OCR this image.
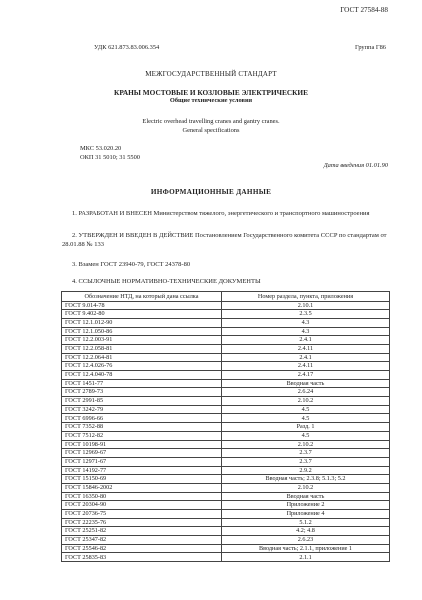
ГОСТ 27584-88
УДК 621.873.83.006.354	Группа Г86
МЕЖГОСУДАРСТВЕННЫЙ СТАНДАРТ
КРАНЫ МОСТОВЫЕ И КОЗЛОВЫЕ ЭЛЕКТРИЧЕСКИЕ
Общие технические условия
Electric overhead travelling cranes and gantry cranes.
General specifications
МКС 53.020.20
ОКП 31 5010; 31 5500
Дата введения 01.01.90
ИНФОРМАЦИОННЫЕ ДАННЫЕ
1. РАЗРАБОТАН И ВНЕСЕН Министерством тяжелого, энергетического и транспортного машиностроения
2. УТВЕРЖДЕН И ВВЕДЕН В ДЕЙСТВИЕ Постановлением Государственного комитета СССР по стандартам от 28.01.88 № 133
3. Взамен ГОСТ 23940-79, ГОСТ 24378-80
4. ССЫЛОЧНЫЕ НОРМАТИВНО-ТЕХНИЧЕСКИЕ ДОКУМЕНТЫ
Обозначение НТД, на который дана ссылка	Номер раздела, пункта, приложения
ГОСТ 9.014-78	2.10.1
ГОСТ 9.402-80	2.3.5
ГОСТ 12.1.012-90	4.3
ГОСТ 12.1.050-86	4.3
ГОСТ 12.2.003-91	2.4.1
ГОСТ 12.2.058-81	2.4.11
ГОСТ 12.2.064-81	2.4.1
ГОСТ 12.4.026-76	2.4.11
ГОСТ 12.4.040-78	2.4.17
ГОСТ 1451-77	Вводная часть
ГОСТ 2789-73	2.6.24
ГОСТ 2991-85	2.10.2
ГОСТ 3242-79	4.5
ГОСТ 6996-66	4.5
ГОСТ 7352-88	Разд. 1
ГОСТ 7512-82	4.5
ГОСТ 10198-91	2.10.2
ГОСТ 12969-67	2.3.7
ГОСТ 12971-67	2.3.7
ГОСТ 14192-77	2.9.2
ГОСТ 15150-69	Вводная часть; 2.3.8; 5.1.3; 5.2
ГОСТ 15846-2002	2.10.2
ГОСТ 16350-80	Вводная часть
ГОСТ 20304-90	Приложение 2
ГОСТ 20736-75	Приложение 4
ГОСТ 22235-76	5.1.2
ГОСТ 25251-82	4.2; 4.8
ГОСТ 25347-82	2.6.23
ГОСТ 25546-82	Вводная часть; 2.1.1, приложение 1
ГОСТ 25835-83	2.1.1
